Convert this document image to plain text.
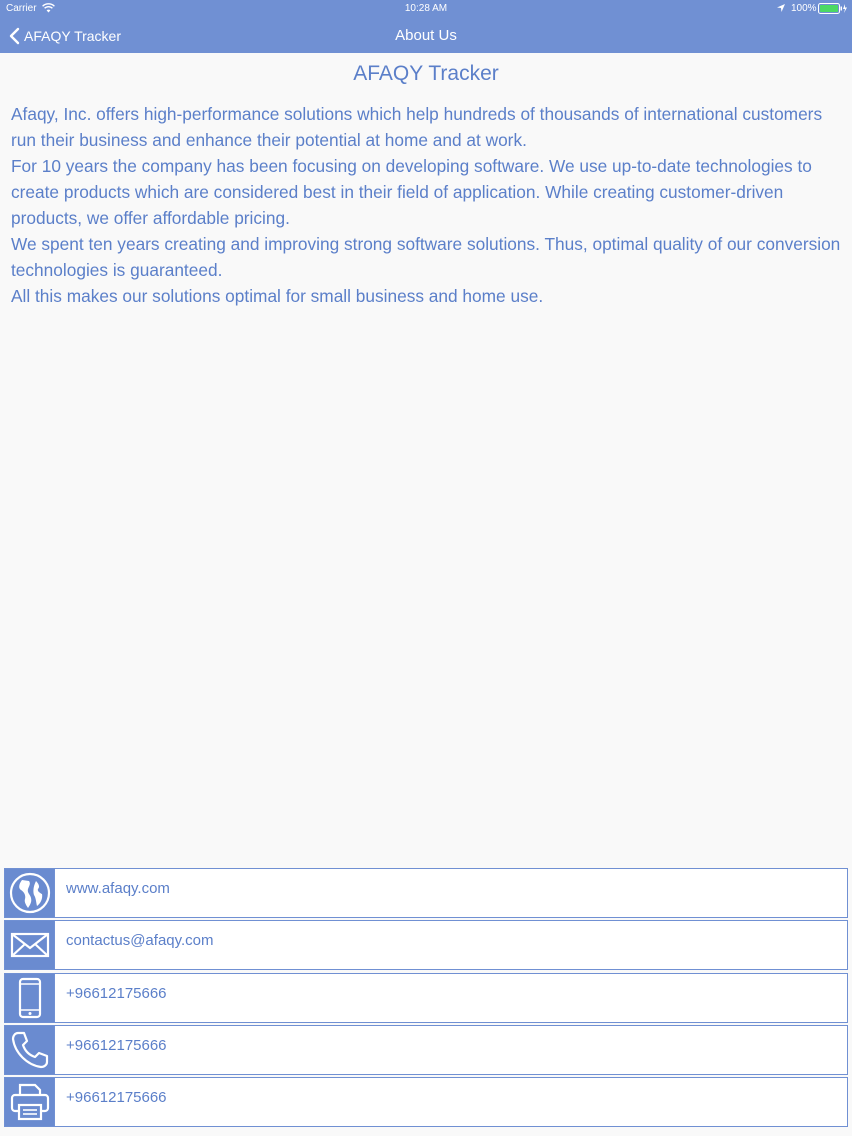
Carrier	10:28 AM	100%
AFAQY Tracker	About Us
AFAQY Tracker

Afaqy, Inc. offers high-performance solutions which help hundreds of thousands of international customers run their business and enhance their potential at home and at work.

For 10 years the company has been focusing on developing software. We use up-to-date technologies to create products which are considered best in their field of application. While creating customer-driven products, we offer affordable pricing.

We spent ten years creating and improving strong software solutions. Thus, optimal quality of our conversion technologies is guaranteed.

All this makes our solutions optimal for small business and home use.

www.afaqy.com
contactus@afaqy.com
+96612175666
+96612175666
+96612175666
